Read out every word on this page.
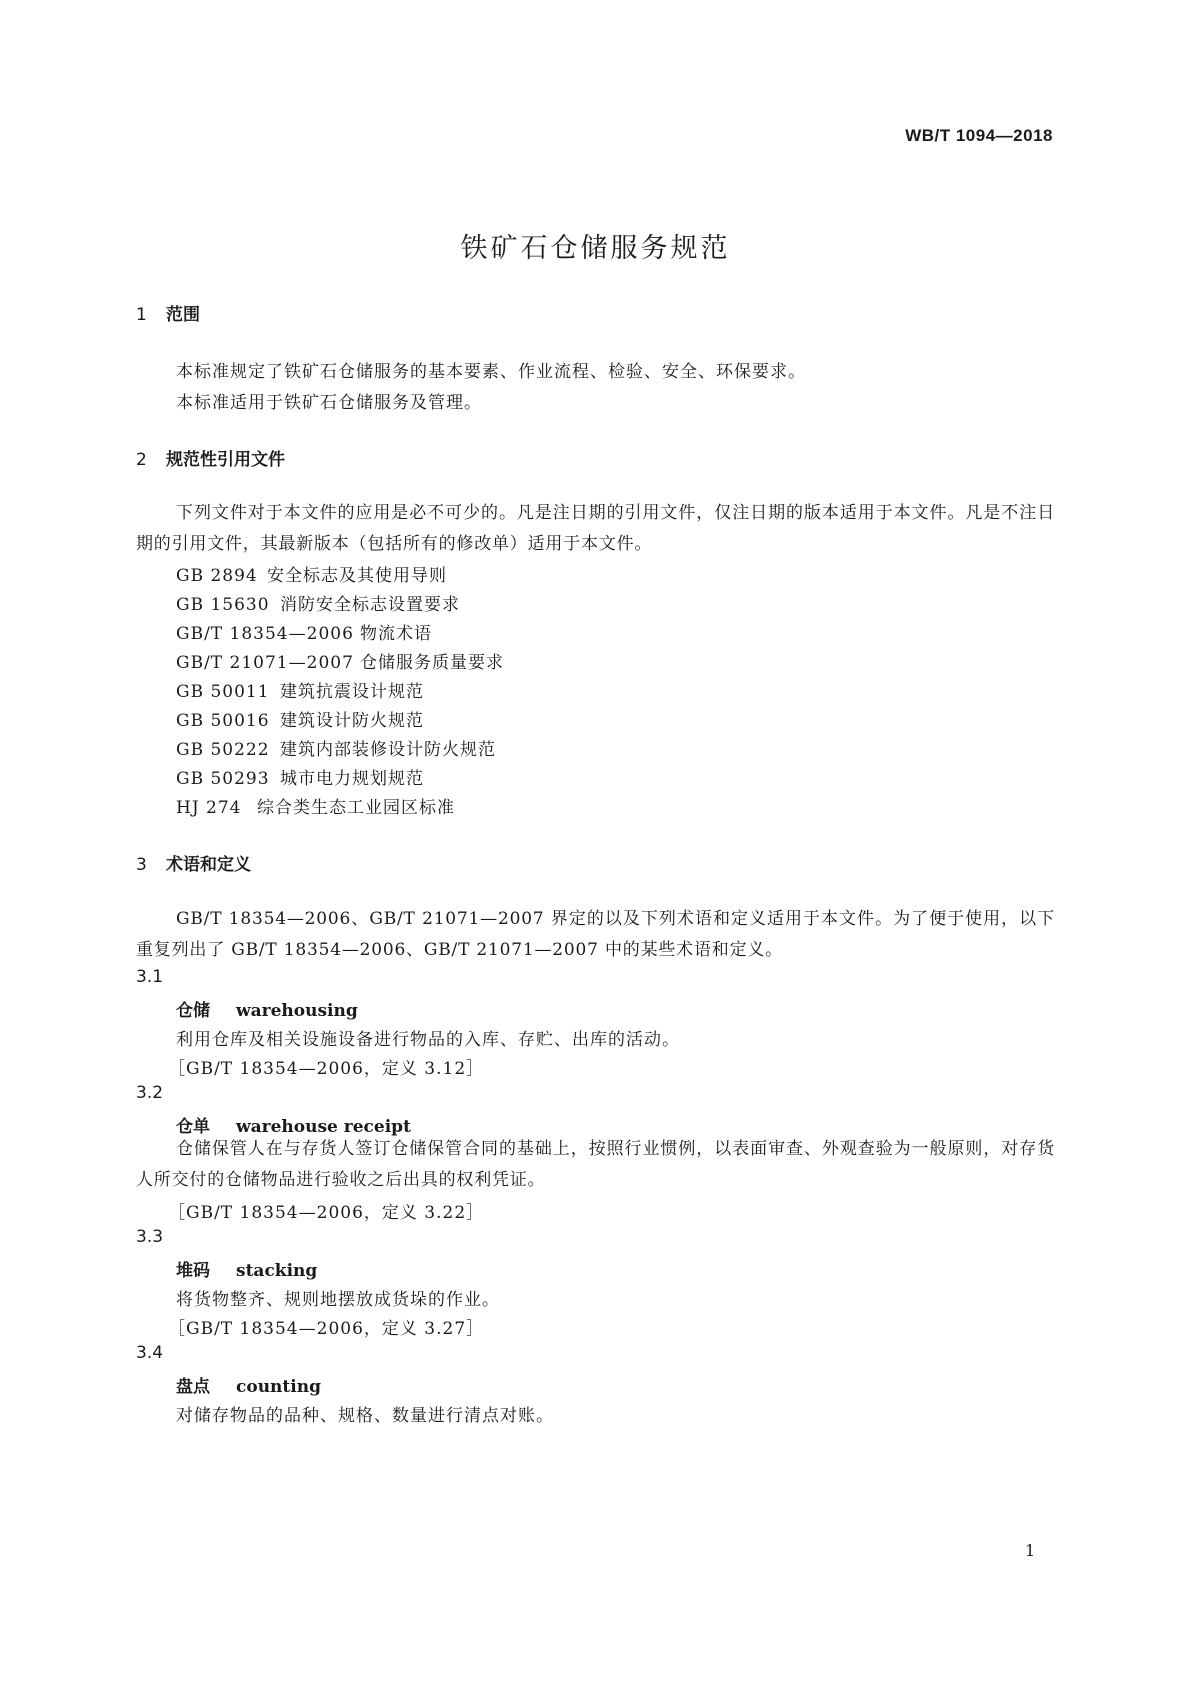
WB/T 1094—2018
铁矿石仓储服务规范
1 范围
本标准规定了铁矿石仓储服务的基本要素、作业流程、检验、安全、环保要求。
本标准适用于铁矿石仓储服务及管理。
2 规范性引用文件
下列文件对于本文件的应用是必不可少的。凡是注日期的引用文件，仅注日期的版本适用于本文件。凡是不注日期的引用文件，其最新版本（包括所有的修改单）适用于本文件。
GB 2894 安全标志及其使用导则
GB 15630 消防安全标志设置要求
GB/T 18354—2006 物流术语
GB/T 21071—2007 仓储服务质量要求
GB 50011 建筑抗震设计规范
GB 50016 建筑设计防火规范
GB 50222 建筑内部装修设计防火规范
GB 50293 城市电力规划规范
HJ 274 综合类生态工业园区标准
3 术语和定义
GB/T 18354—2006、GB/T 21071—2007 界定的以及下列术语和定义适用于本文件。为了便于使用，以下重复列出了 GB/T 18354—2006、GB/T 21071—2007 中的某些术语和定义。
3.1
仓储 warehousing
利用仓库及相关设施设备进行物品的入库、存贮、出库的活动。
［GB/T 18354—2006，定义 3.12］
3.2
仓单 warehouse receipt
仓储保管人在与存货人签订仓储保管合同的基础上，按照行业惯例，以表面审查、外观查验为一般原则，对存货人所交付的仓储物品进行验收之后出具的权利凭证。
［GB/T 18354—2006，定义 3.22］
3.3
堆码 stacking
将货物整齐、规则地摆放成货垛的作业。
［GB/T 18354—2006，定义 3.27］
3.4
盘点 counting
对储存物品的品种、规格、数量进行清点对账。
1
